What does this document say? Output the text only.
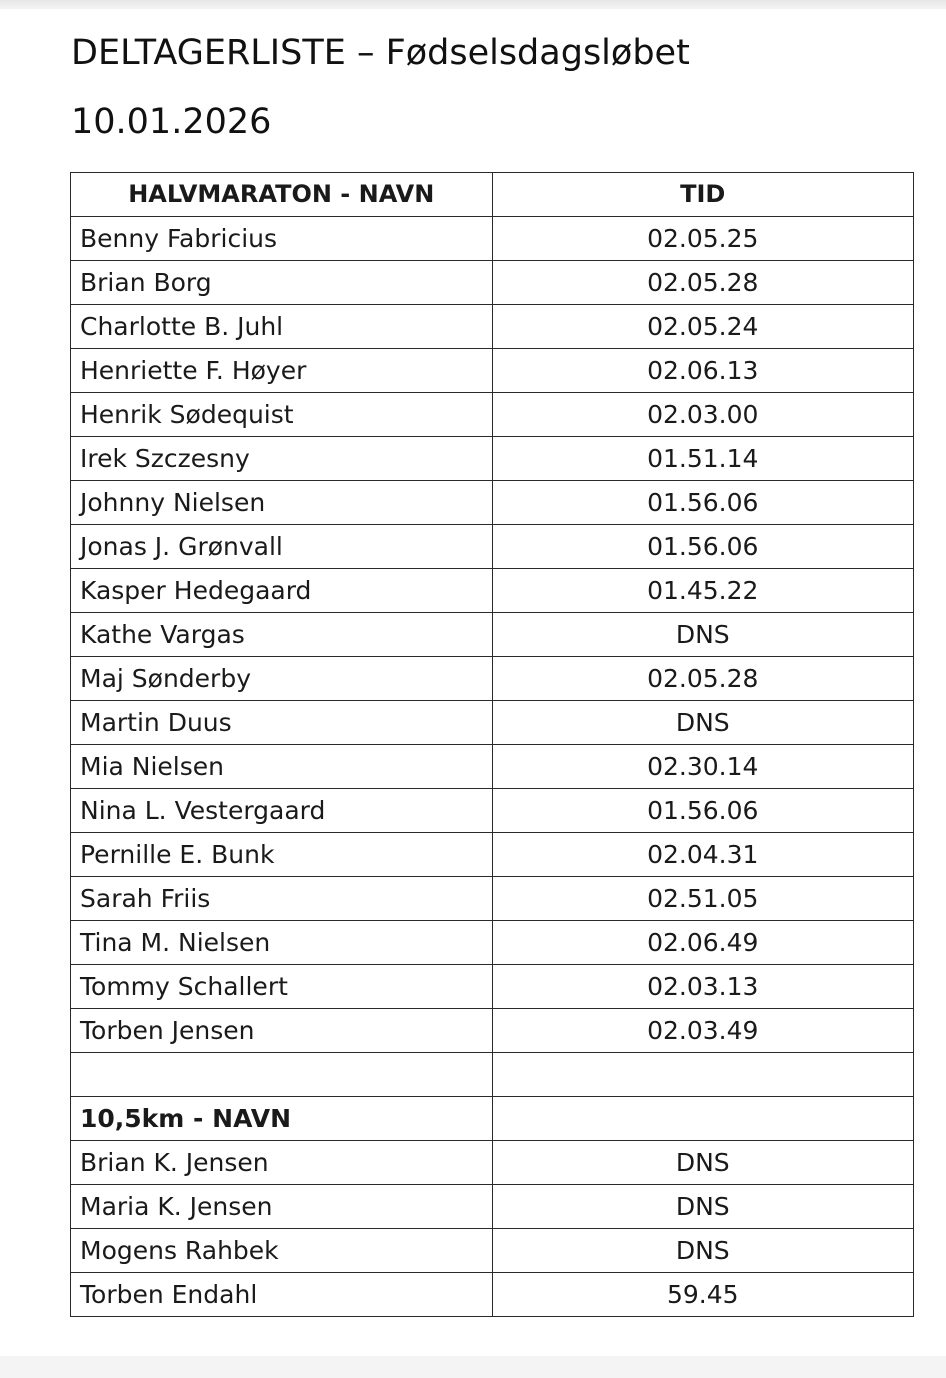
DELTAGERLISTE – Fødselsdagsløbet
10.01.2026
HALVMARATON - NAVN	TID
Benny Fabricius	02.05.25
Brian Borg	02.05.28
Charlotte B. Juhl	02.05.24
Henriette F. Høyer	02.06.13
Henrik Sødequist	02.03.00
Irek Szczesny	01.51.14
Johnny Nielsen	01.56.06
Jonas J. Grønvall	01.56.06
Kasper Hedegaard	01.45.22
Kathe Vargas	DNS
Maj Sønderby	02.05.28
Martin Duus	DNS
Mia Nielsen	02.30.14
Nina L. Vestergaard	01.56.06
Pernille E. Bunk	02.04.31
Sarah Friis	02.51.05
Tina M. Nielsen	02.06.49
Tommy Schallert	02.03.13
Torben Jensen	02.03.49

10,5km - NAVN	
Brian K. Jensen	DNS
Maria K. Jensen	DNS
Mogens Rahbek	DNS
Torben Endahl	59.45
